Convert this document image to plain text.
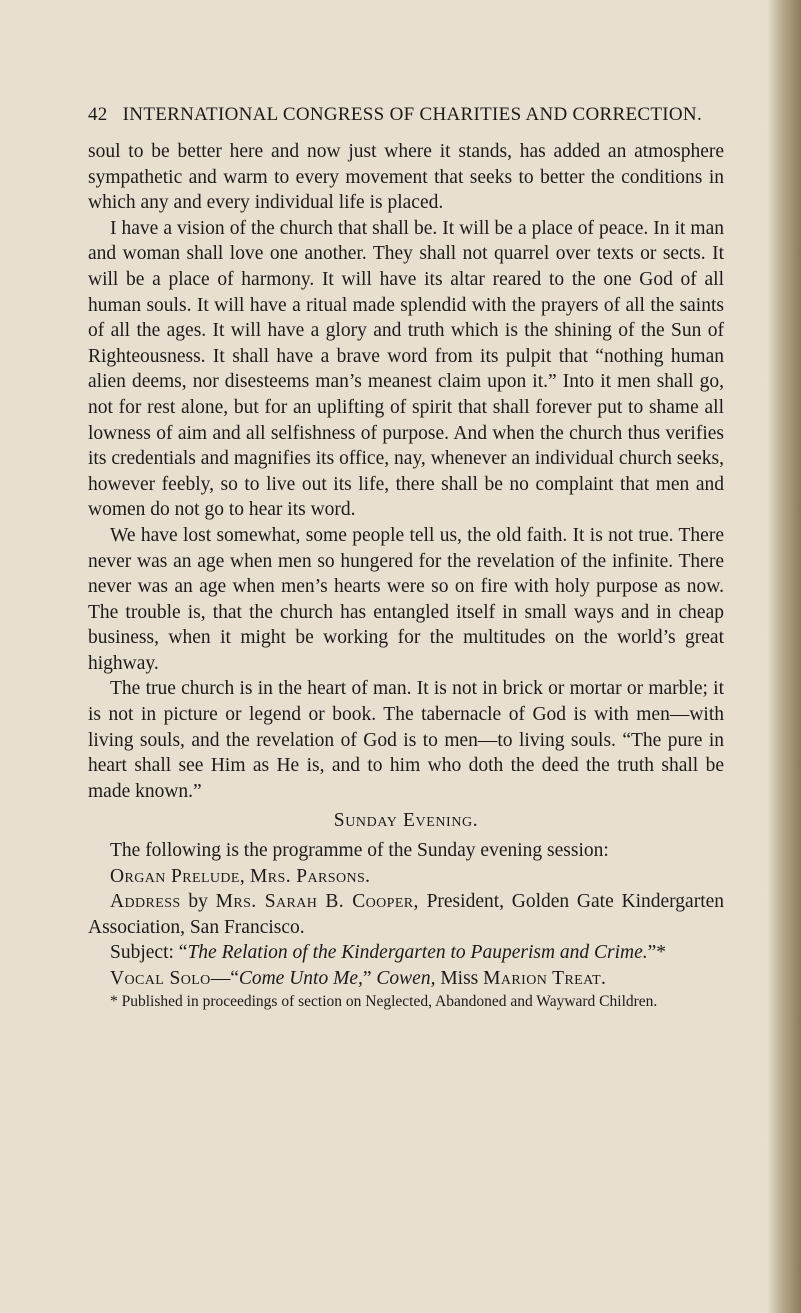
42 INTERNATIONAL CONGRESS OF CHARITIES AND CORRECTION.

soul to be better here and now just where it stands, has added an atmosphere sympathetic and warm to every movement that seeks to better the conditions in which any and every individual life is placed.

I have a vision of the church that shall be. It will be a place of peace. In it man and woman shall love one another. They shall not quarrel over texts or sects. It will be a place of harmony. It will have its altar reared to the one God of all human souls. It will have a ritual made splendid with the prayers of all the saints of all the ages. It will have a glory and truth which is the shining of the Sun of Righteousness. It shall have a brave word from its pulpit that “nothing human alien deems, nor disesteems man’s meanest claim upon it.” Into it men shall go, not for rest alone, but for an uplifting of spirit that shall forever put to shame all lowness of aim and all selfishness of purpose. And when the church thus verifies its credentials and magnifies its office, nay, whenever an individual church seeks, however feebly, so to live out its life, there shall be no complaint that men and women do not go to hear its word.

We have lost somewhat, some people tell us, the old faith. It is not true. There never was an age when men so hungered for the revelation of the infinite. There never was an age when men’s hearts were so on fire with holy purpose as now. The trouble is, that the church has entangled itself in small ways and in cheap business, when it might be working for the multitudes on the world’s great highway.

The true church is in the heart of man. It is not in brick or mortar or marble; it is not in picture or legend or book. The tabernacle of God is with men—with living souls, and the revelation of God is to men—to living souls. “The pure in heart shall see Him as He is, and to him who doth the deed the truth shall be made known.”

Sunday Evening.

The following is the programme of the Sunday evening session:

Organ Prelude, Mrs. Parsons.

Address by Mrs. Sarah B. Cooper, President, Golden Gate Kindergarten Association, San Francisco.

Subject: “The Relation of the Kindergarten to Pauperism and Crime.”*

Vocal Solo—“Come Unto Me,” Cowen, Miss Marion Treat.

* Published in proceedings of section on Neglected, Abandoned and Wayward Children.
